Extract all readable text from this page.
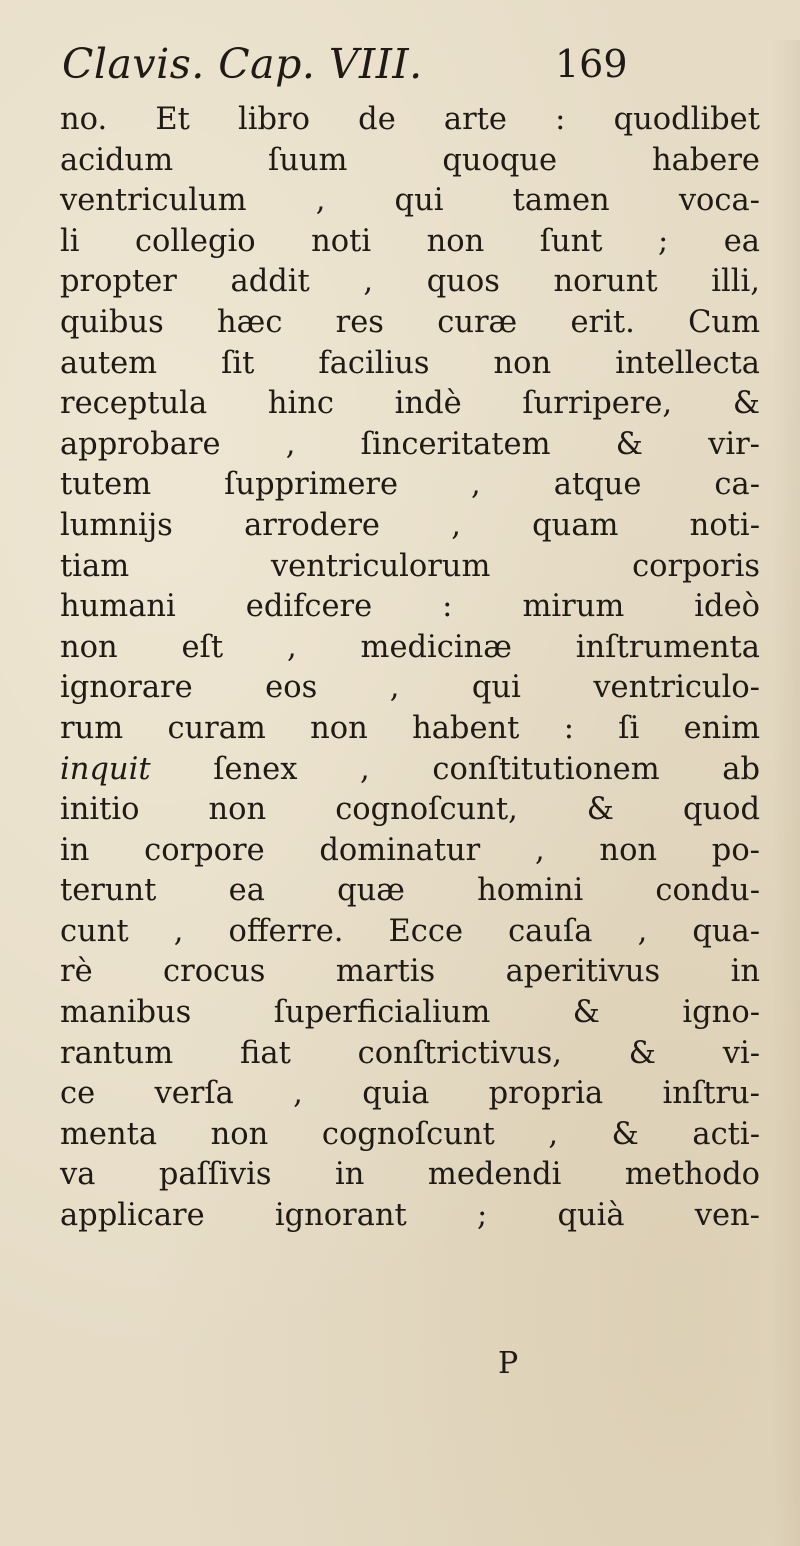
Clavis. Cap. VIII.	169
no. Et libro de arte : quodlibet
acidum ſuum quoque habere
ventriculum , qui tamen voca-
li collegio noti non ſunt ; ea
propter addit , quos norunt illi,
quibus hæc res curæ erit. Cum
autem ſit facilius non intellecta
receptula hinc indè ſurripere, &
approbare , ſinceritatem & vir-
tutem ſupprimere , atque ca-
lumnijs arrodere , quam noti-
tiam ventriculorum corporis
humani edifcere : mirum ideò
non eſt , medicinæ inſtrumenta
ignorare eos , qui ventriculo-
rum curam non habent : ſi enim
inquit ſenex , conſtitutionem ab
initio non cognoſcunt, & quod
in corpore dominatur , non po-
terunt ea quæ homini condu-
cunt , offerre. Ecce cauſa , qua-
rè crocus martis aperitivus in
manibus ſuperficialium & igno-
rantum fiat conſtrictivus, & vi-
ce verſa , quia propria inſtru-
menta non cognoſcunt , & acti-
va paſſivis in medendi methodo
applicare ignorant ; quià ven-
P
